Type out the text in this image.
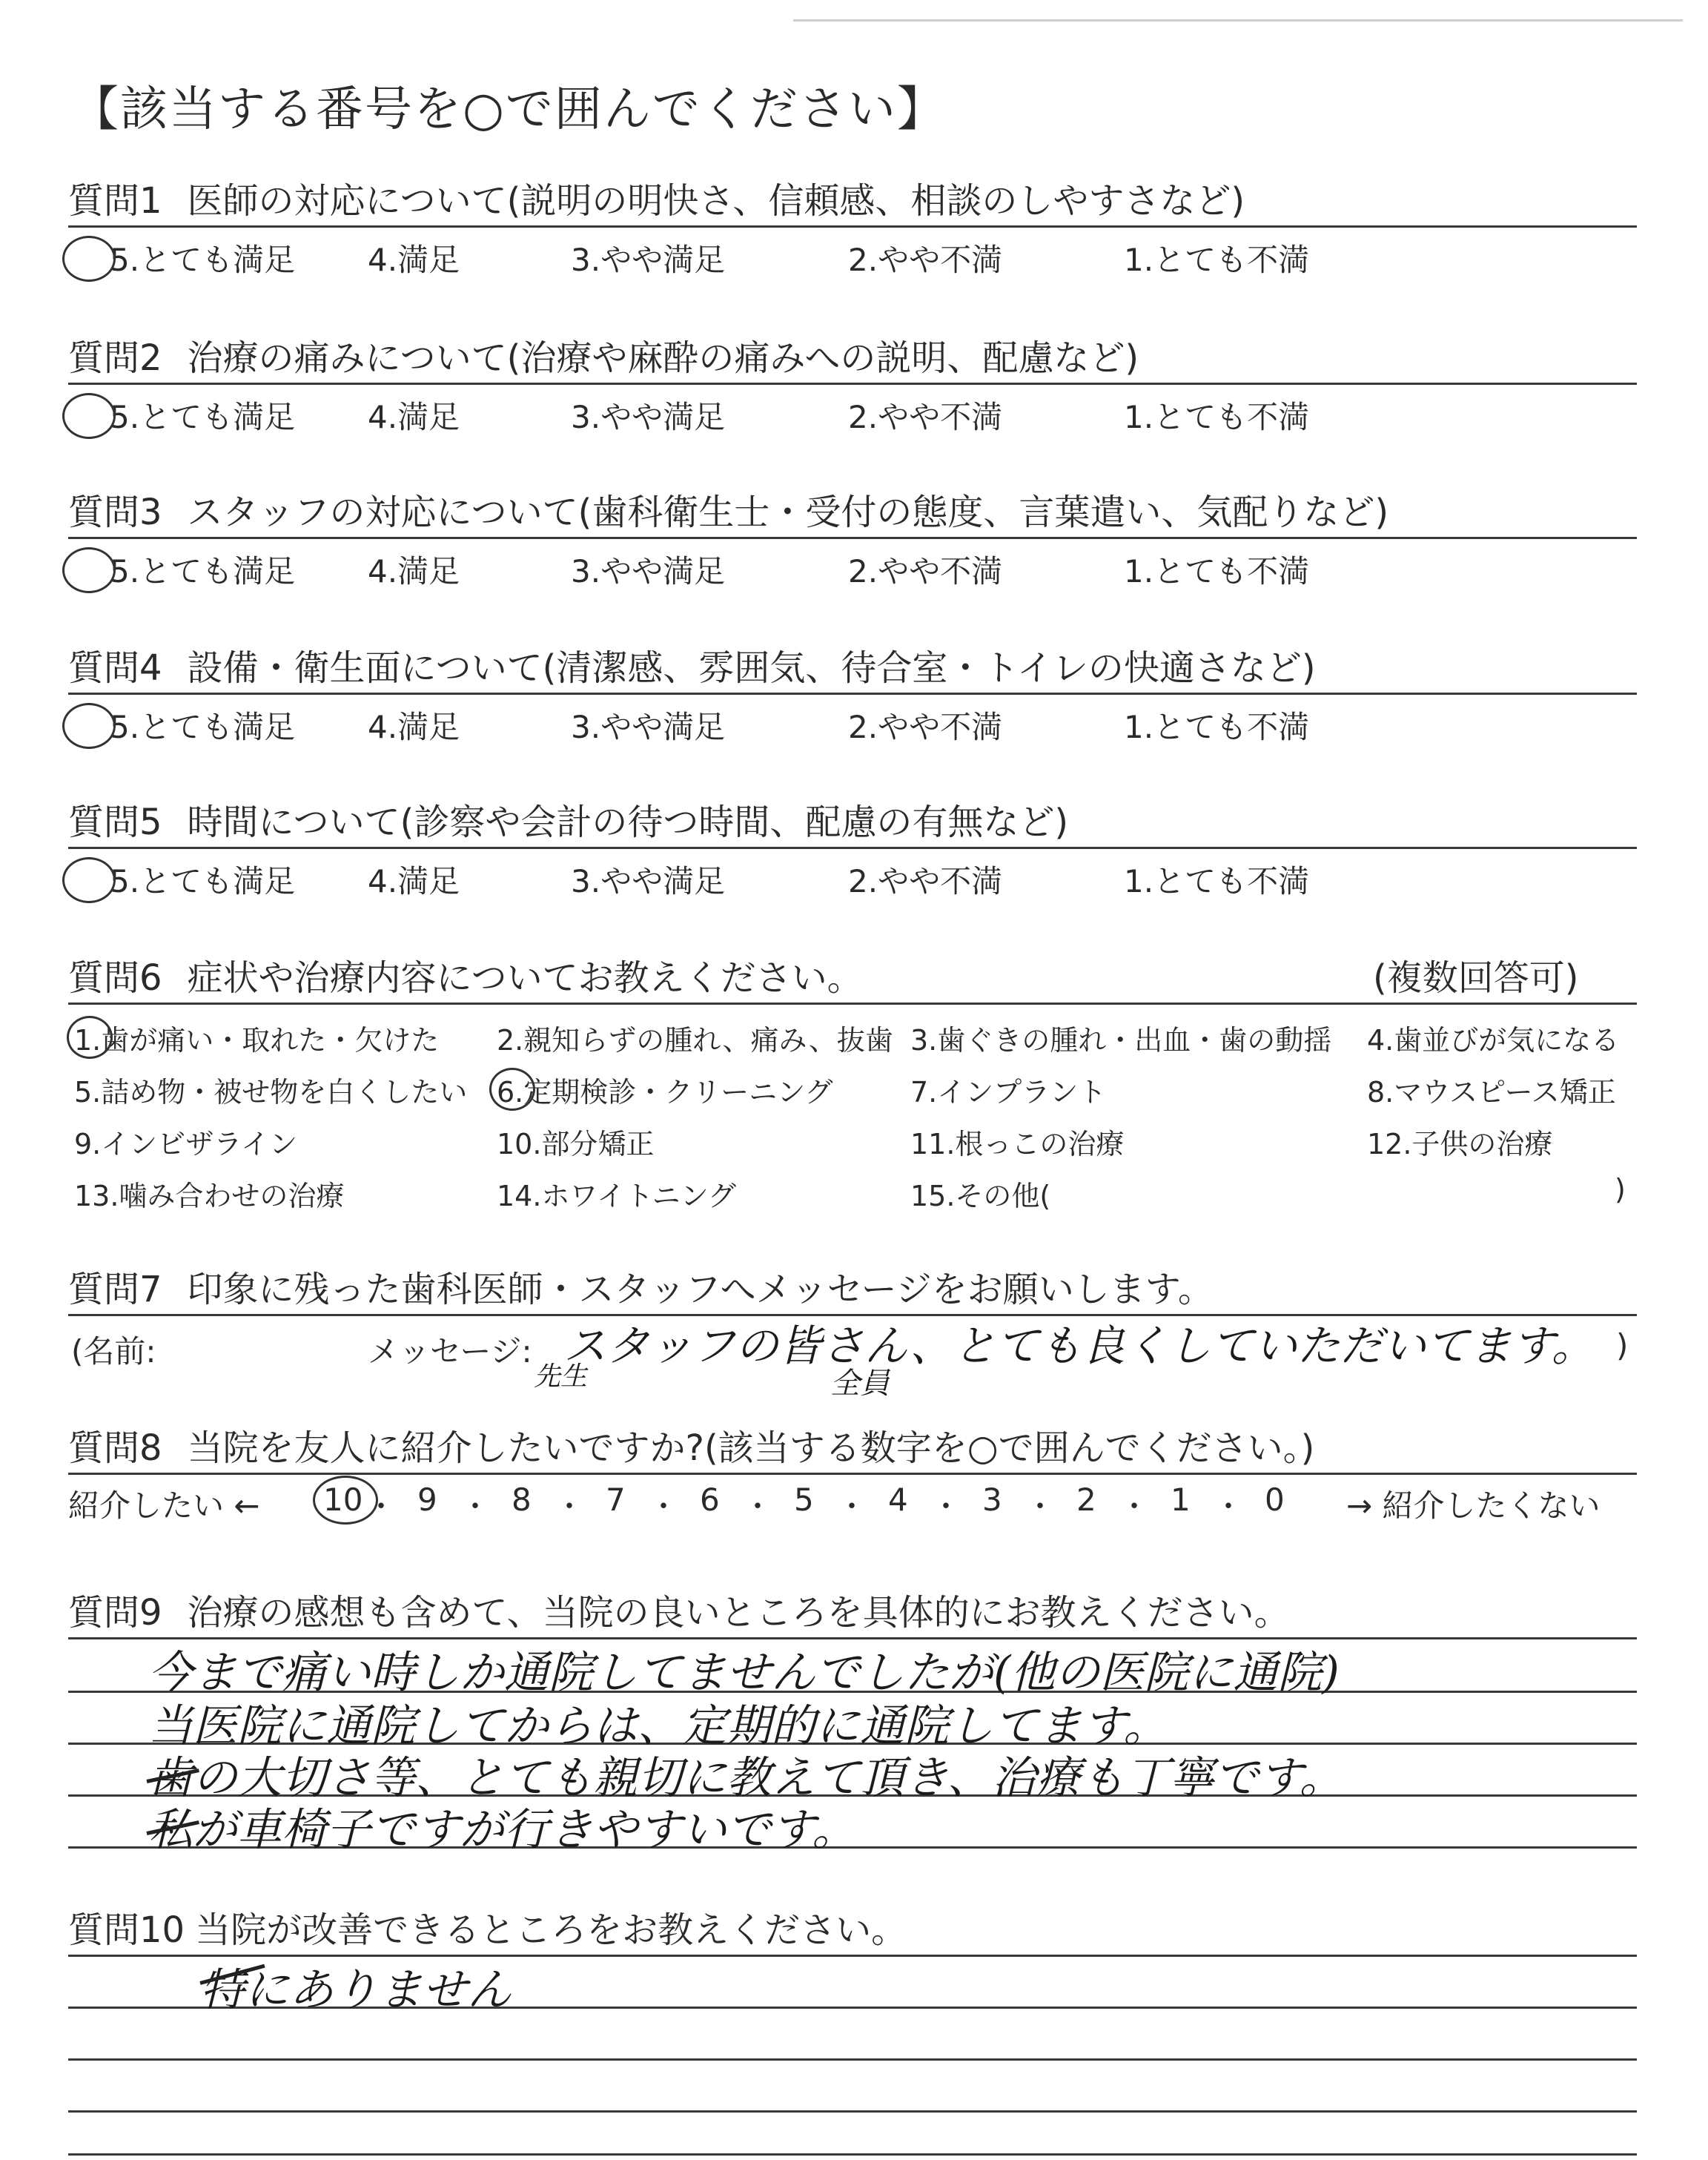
【該当する番号を○で囲んでください】
質問1 医師の対応について(説明の明快さ、信頼感、相談のしやすさなど)
5.とても満足 4.満足	3.やや満足	2.やや不満	1.とても不満
質問2 治療の痛みについて(治療や麻酔の痛みへの説明、配慮など)
5.とても満足 4.満足	3.やや満足	2.やや不満	1.とても不満
質問3 スタッフの対応について(歯科衛生士・受付の態度、言葉遣い、気配りなど)
5.とても満足 4.満足	3.やや満足	2.やや不満	1.とても不満
質問4 設備・衛生面について(清潔感、雰囲気、待合室・トイレの快適さなど)
5.とても満足 4.満足	3.やや満足	2.やや不満	1.とても不満
質問5 時間について(診察や会計の待つ時間、配慮の有無など)
5.とても満足 4.満足	3.やや満足	2.やや不満	1.とても不満
質問6 症状や治療内容についてお教えください。	(複数回答可)
1.歯が痛い・取れた・欠けた 2.親知らずの腫れ、痛み、抜歯 3.歯ぐきの腫れ・出血・歯の動揺 4.歯並びが気になる
5.詰め物・被せ物を白くしたい 6.定期検診・クリーニング	7.インプラント	8.マウスピース矯正
9.インビザライン	10.部分矯正	11.根っこの治療	12.子供の治療
13.噛み合わせの治療	14.ホワイトニング	15.その他(	)
質問7 印象に残った歯科医師・スタッフへメッセージをお願いします。
(名前:	メッセージ: スタッフの皆さん、とても良くしていただいてます。
先生	全員
)
質問8 当院を友人に紹介したいですか?(該当する数字を○で囲んでください。)
紹介したい ← 10 ・ 9 ・ 8 ・ 7 ・ 6 ・ 5 ・ 4 ・ 3 ・ 2 ・ 1 ・ 0 → 紹介したくない
質問9 治療の感想も含めて、当院の良いところを具体的にお教えください。
今まで痛い時しか通院してませんでしたが(他の医院に通院)
当医院に通院してからは、定期的に通院してます。
歯の大切さ等、とても親切に教えて頂き、治療も丁寧です。
私が車椅子ですが行きやすいです。
質問10 当院が改善できるところをお教えください。
特にありません
